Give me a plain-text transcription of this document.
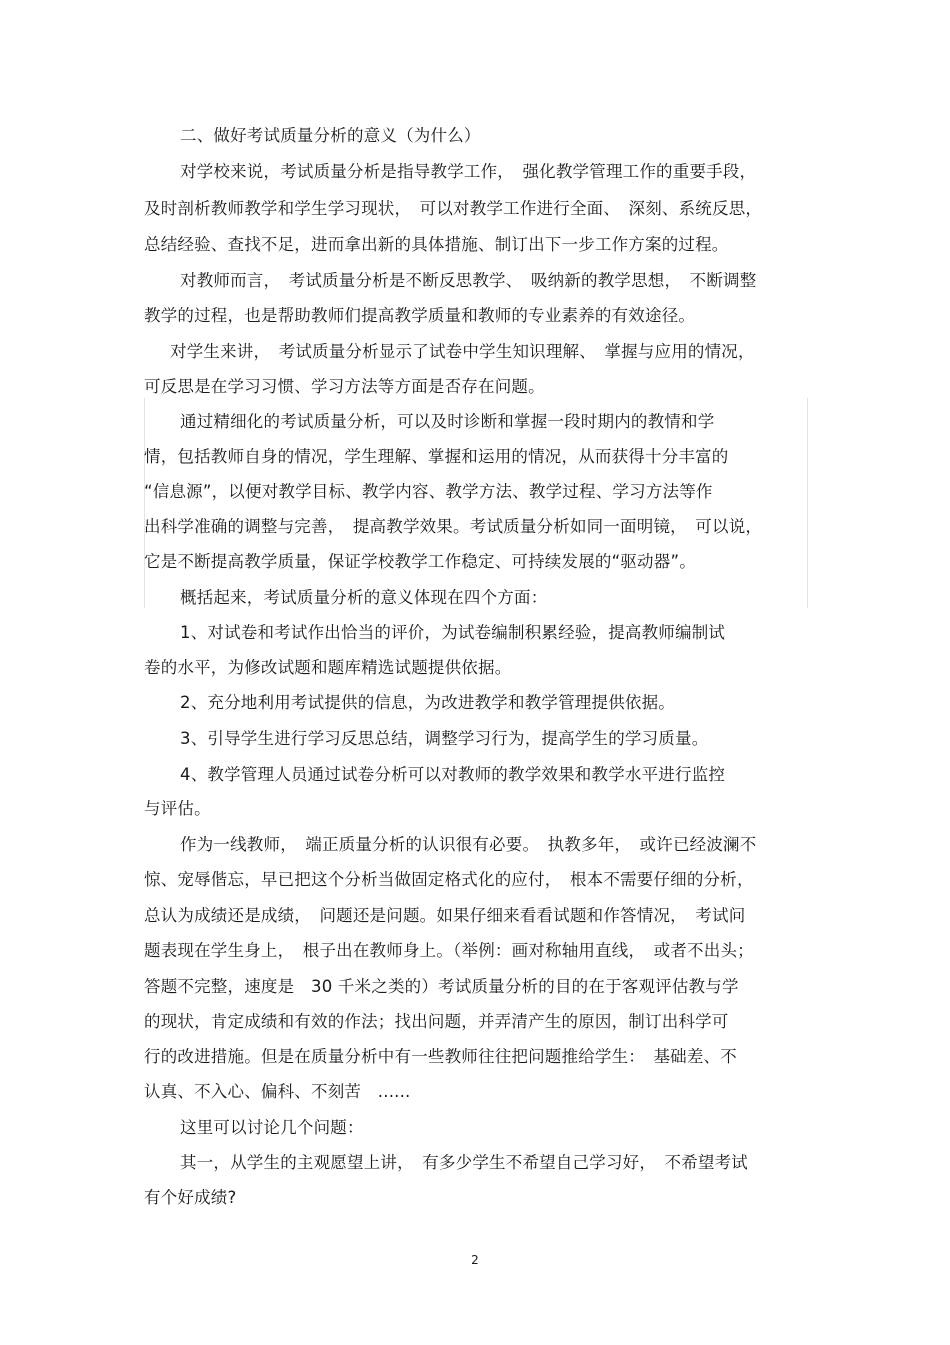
二、做好考试质量分析的意义（为什么）
对学校来说，考试质量分析是指导教学工作，　强化教学管理工作的重要手段，
及时剖析教师教学和学生学习现状，　可以对教学工作进行全面、　深刻、系统反思，
总结经验、查找不足，进而拿出新的具体措施、制订出下一步工作方案的过程。
对教师而言，　考试质量分析是不断反思教学、　吸纳新的教学思想，　不断调整
教学的过程，也是帮助教师们提高教学质量和教师的专业素养的有效途径。
对学生来讲，　考试质量分析显示了试卷中学生知识理解、　掌握与应用的情况，
可反思是在学习习惯、学习方法等方面是否存在问题。
通过精细化的考试质量分析，可以及时诊断和掌握一段时期内的教情和学
情，包括教师自身的情况，学生理解、掌握和运用的情况，从而获得十分丰富的
“信息源”，以便对教学目标、教学内容、教学方法、教学过程、学习方法等作
出科学准确的调整与完善，　提高教学效果。考试质量分析如同一面明镜，　可以说，
它是不断提高教学质量，保证学校教学工作稳定、可持续发展的“驱动器”。
概括起来，考试质量分析的意义体现在四个方面：
1、对试卷和考试作出恰当的评价，为试卷编制积累经验，提高教师编制试
卷的水平，为修改试题和题库精选试题提供依据。
2、充分地利用考试提供的信息，为改进教学和教学管理提供依据。
3、引导学生进行学习反思总结，调整学习行为，提高学生的学习质量。
4、教学管理人员通过试卷分析可以对教师的教学效果和教学水平进行监控
与评估。
作为一线教师，　端正质量分析的认识很有必要。　执教多年，　或许已经波澜不
惊、宠辱偕忘，早已把这个分析当做固定格式化的应付，　根本不需要仔细的分析，
总认为成绩还是成绩，　问题还是问题。如果仔细来看看试题和作答情况，　考试问
题表现在学生身上，　根子出在教师身上。（举例：画对称轴用直线，　或者不出头；
答题不完整，速度是　30 千米之类的）考试质量分析的目的在于客观评估教与学
的现状，肯定成绩和有效的作法；找出问题，并弄清产生的原因，制订出科学可
行的改进措施。但是在质量分析中有一些教师往往把问题推给学生：　基础差、不
认真、不入心、偏科、不刻苦　......
这里可以讨论几个问题：
其一，从学生的主观愿望上讲，　有多少学生不希望自己学习好，　不希望考试
有个好成绩?
2
